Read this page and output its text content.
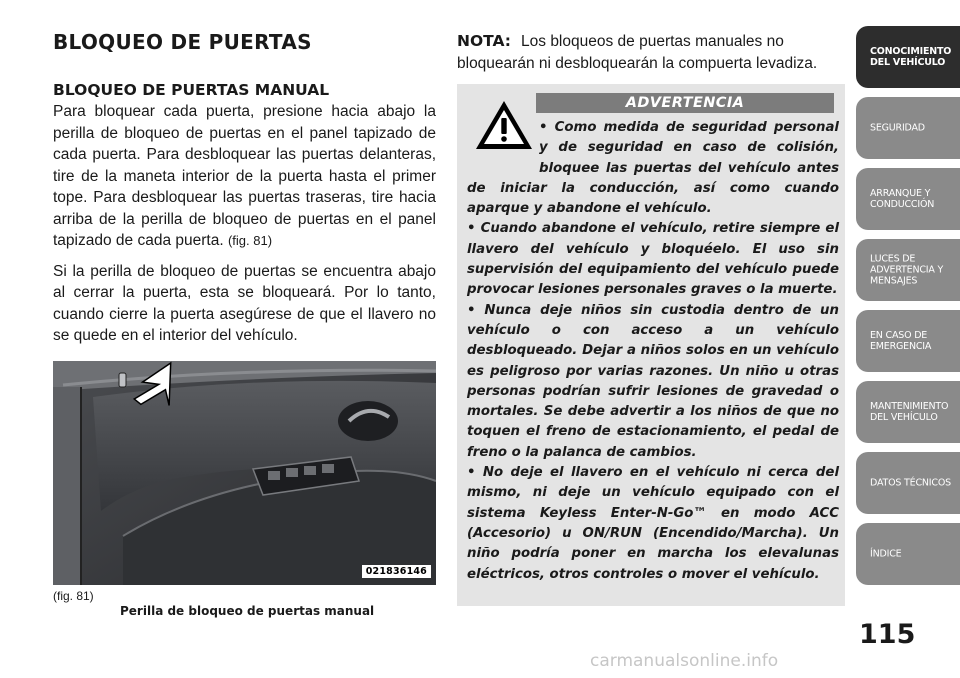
BLOQUEO DE PUERTAS
BLOQUEO DE PUERTAS MANUAL

Para bloquear cada puerta, presione hacia abajo la perilla de bloqueo de puertas en el panel tapizado de cada puerta. Para desbloquear las puertas delanteras, tire de la maneta interior de la puerta hasta el primer tope. Para desbloquear las puertas traseras, tire hacia arriba de la perilla de bloqueo de puertas en el panel tapizado de cada puerta. (fig. 81)

Si la perilla de bloqueo de puertas se encuentra abajo al cerrar la puerta, esta se bloqueará. Por lo tanto, cuando cierre la puerta asegúrese de que el llavero no se quede en el interior del vehículo.

021836146
(fig. 81)
Perilla de bloqueo de puertas manual

NOTA: Los bloqueos de puertas manuales no bloquearán ni desbloquearán la compuerta levadiza.

ADVERTENCIA

• Como medida de seguridad personal y de seguridad en caso de colisión, bloquee las puertas del vehículo antes de iniciar la conducción, así como cuando aparque y abandone el vehículo.

• Cuando abandone el vehículo, retire siempre el llavero del vehículo y bloquéelo. El uso sin supervisión del equipamiento del vehículo puede provocar lesiones personales graves o la muerte.

• Nunca deje niños sin custodia dentro de un vehículo o con acceso a un vehículo desbloqueado. Dejar a niños solos en un vehículo es peligroso por varias razones. Un niño u otras personas podrían sufrir lesiones de gravedad o mortales. Se debe advertir a los niños de que no toquen el freno de estacionamiento, el pedal de freno o la palanca de cambios.

• No deje el llavero en el vehículo ni cerca del mismo, ni deje un vehículo equipado con el sistema Keyless Enter-N-Go™ en modo ACC (Accesorio) u ON/RUN (Encendido/Marcha). Un niño podría poner en marcha los elevalunas eléctricos, otros controles o mover el vehículo.

CONOCIMIENTO DEL VEHÍCULO
SEGURIDAD
ARRANQUE Y CONDUCCIÓN
LUCES DE ADVERTENCIA Y MENSAJES
EN CASO DE EMERGENCIA
MANTENIMIENTO DEL VEHÍCULO
DATOS TÉCNICOS
ÍNDICE
115
carmanualsonline.info
